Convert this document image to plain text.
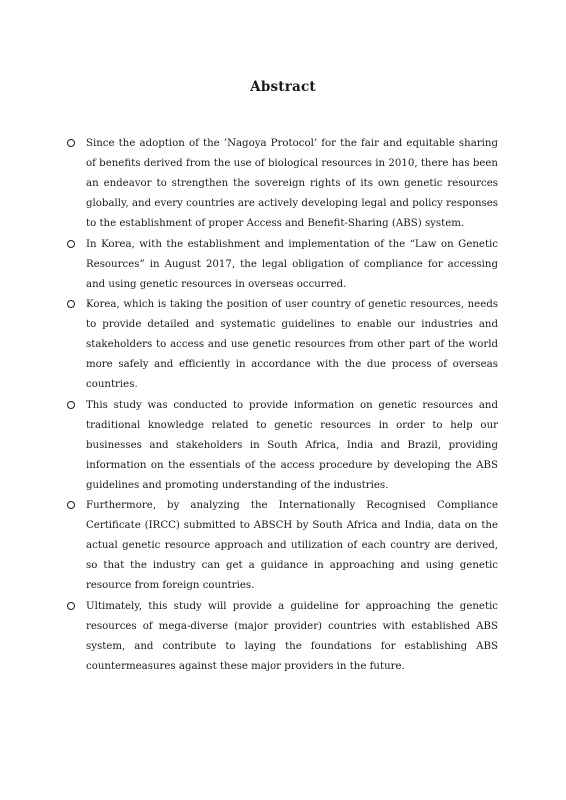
Abstract
Since the adoption of the ’Nagoya Protocol’ for the fair and equitable sharing of benefits derived from the use of biological resources in 2010, there has been an endeavor to strengthen the sovereign rights of its own genetic resources globally, and every countries are actively developing legal and policy responses to the establishment of proper Access and Benefit-Sharing (ABS) system.
In Korea, with the establishment and implementation of the “Law on Genetic Resources” in August 2017, the legal obligation of compliance for accessing and using genetic resources in overseas occurred.
Korea, which is taking the position of user country of genetic resources, needs to provide detailed and systematic guidelines to enable our industries and stakeholders to access and use genetic resources from other part of the world more safely and efficiently in accordance with the due process of overseas countries.
This study was conducted to provide information on genetic resources and traditional knowledge related to genetic resources in order to help our businesses and stakeholders in South Africa, India and Brazil, providing information on the essentials of the access procedure by developing the ABS guidelines and promoting understanding of the industries.
Furthermore, by analyzing the Internationally Recognised Compliance Certificate (IRCC) submitted to ABSCH by South Africa and India, data on the actual genetic resource approach and utilization of each country are derived, so that the industry can get a guidance in approaching and using genetic resource from foreign countries.
Ultimately, this study will provide a guideline for approaching the genetic resources of mega-diverse (major provider) countries with established ABS system, and contribute to laying the foundations for establishing ABS countermeasures against these major providers in the future.
